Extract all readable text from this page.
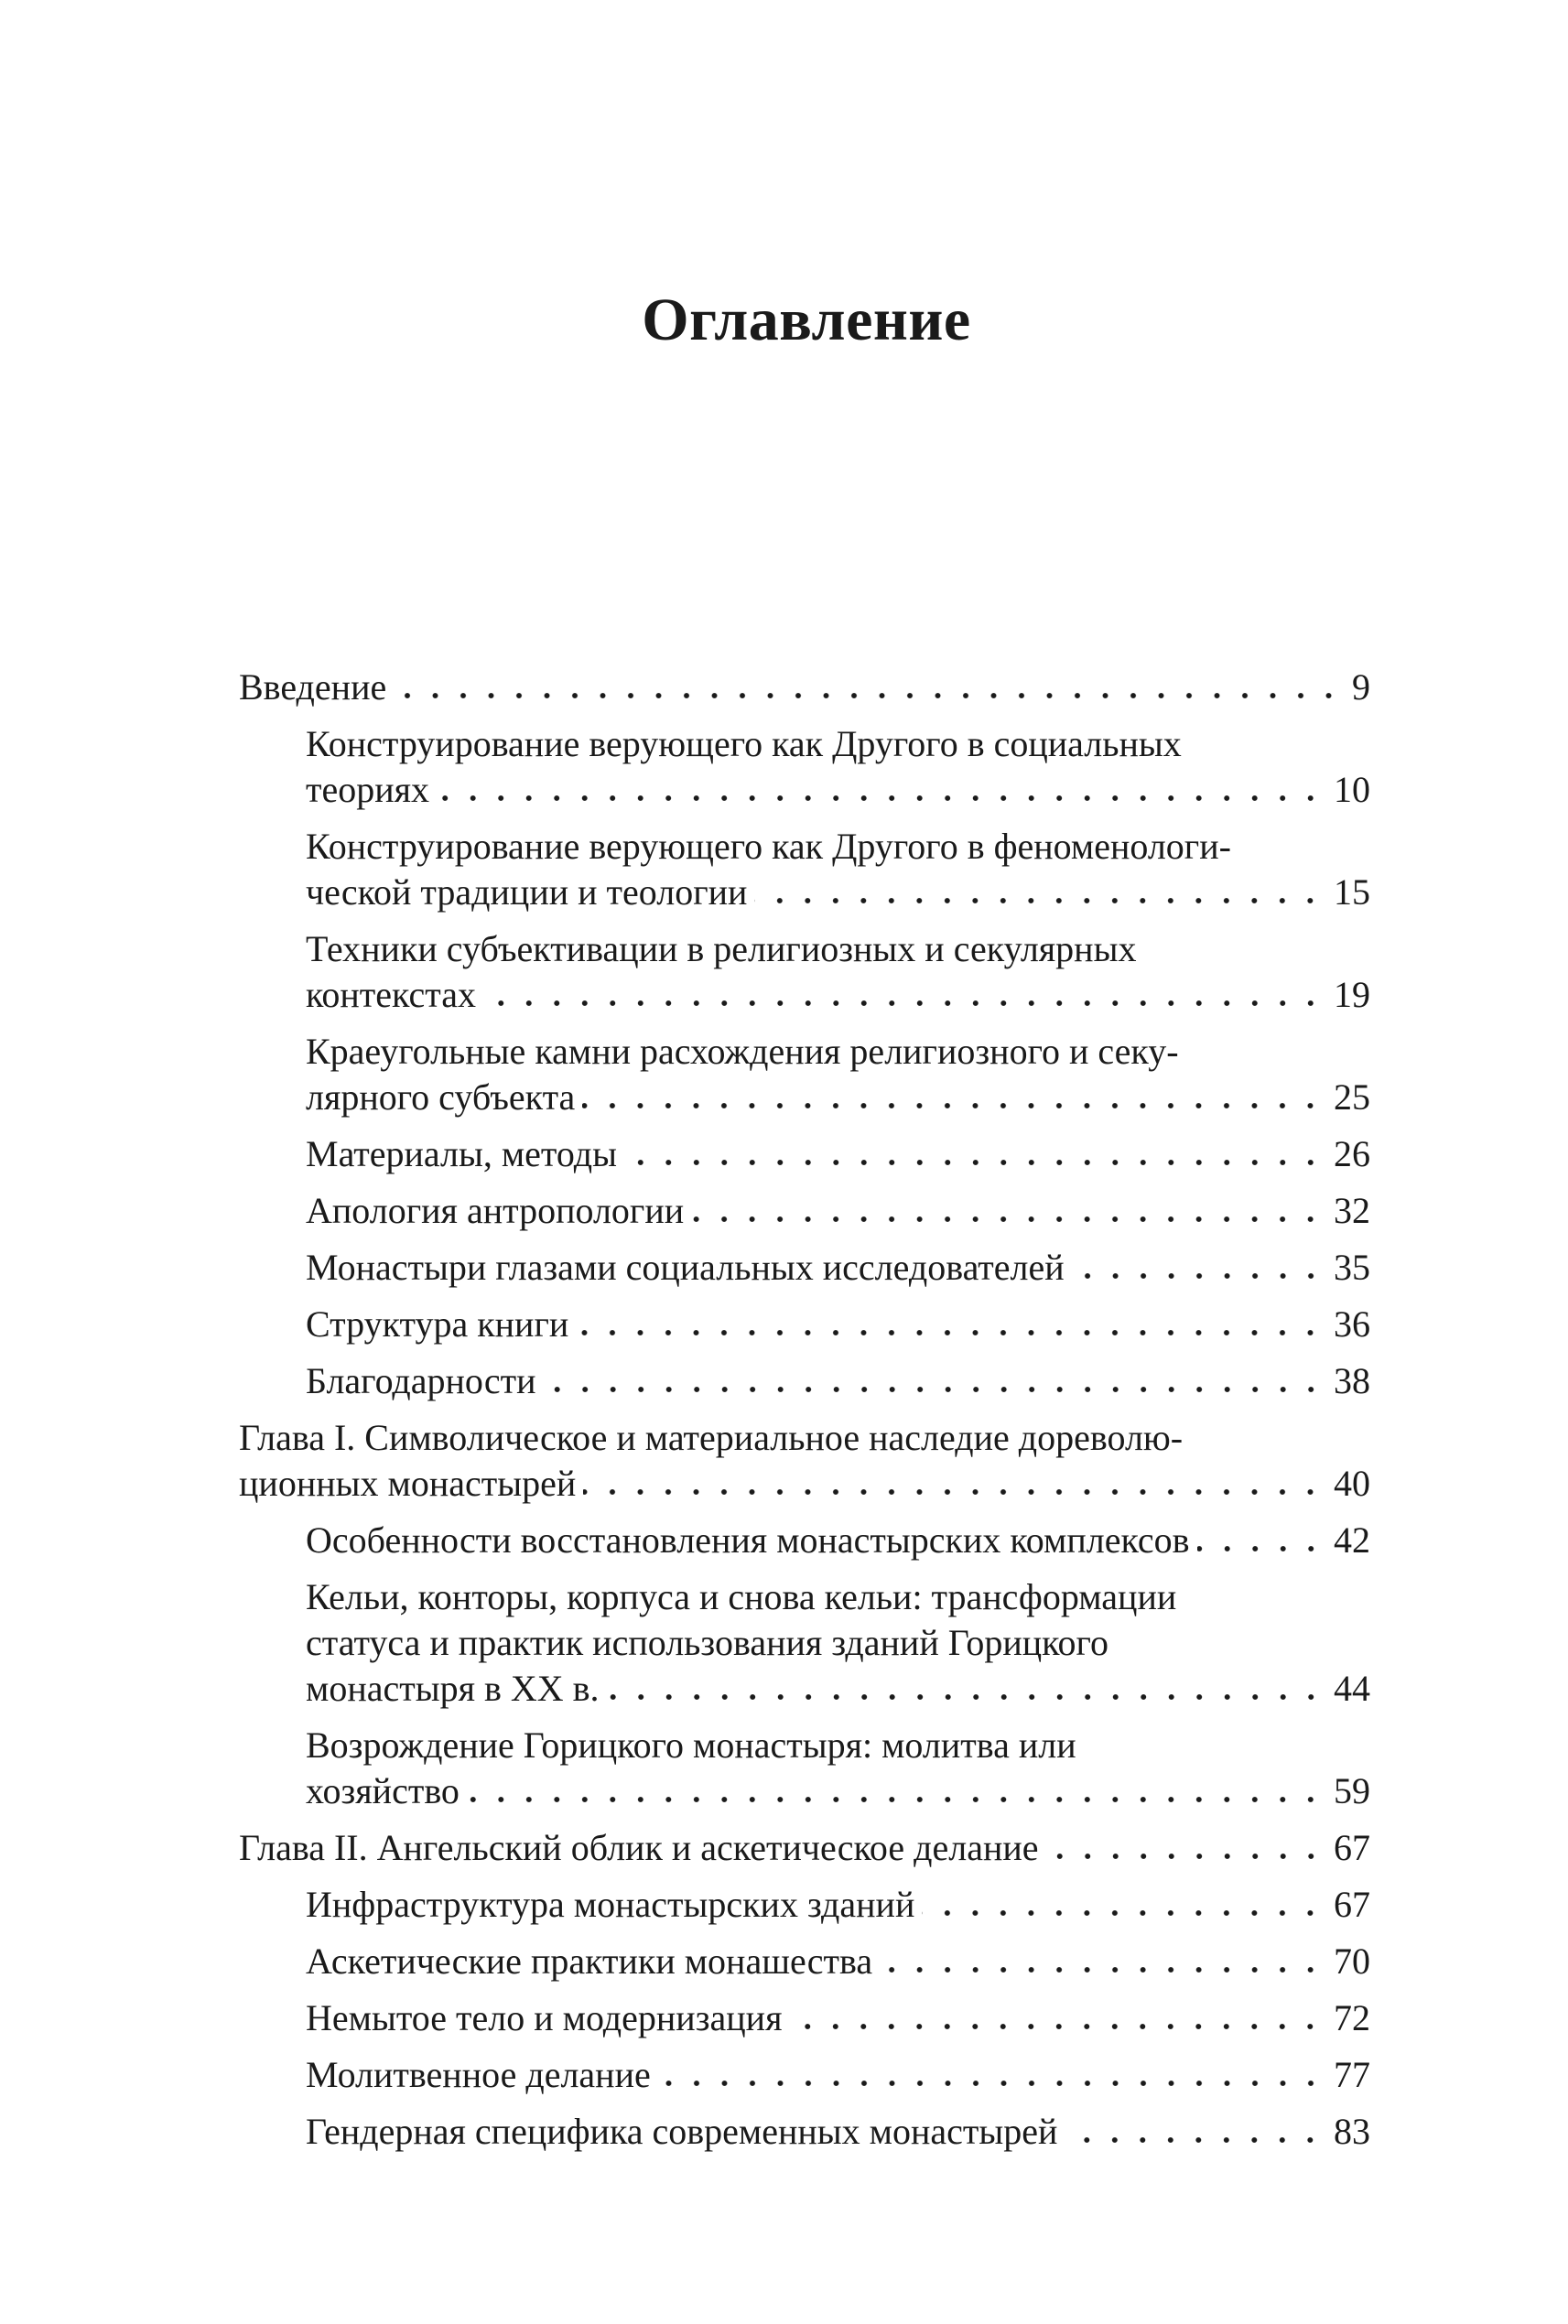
Оглавление
Введение	9
Конструирование верующего как Другого в социальных
теориях	10
Конструирование верующего как Другого в феноменологи-
ческой традиции и теологии	15
Техники субъективации в религиозных и секулярных
контекстах	19
Краеугольные камни расхождения религиозного и секу-
лярного субъекта	25
Материалы, методы	26
Апология антропологии	32
Монастыри глазами социальных исследователей	35
Структура книги	36
Благодарности	38
Глава I. Символическое и материальное наследие дореволю-
ционных монастырей	40
Особенности восстановления монастырских комплексов	42
Кельи, конторы, корпуса и снова кельи: трансформации
статуса и практик использования зданий Горицкого
монастыря в XX в.	44
Возрождение Горицкого монастыря: молитва или
хозяйство	59
Глава II. Ангельский облик и аскетическое делание	67
Инфраструктура монастырских зданий	67
Аскетические практики монашества	70
Немытое тело и модернизация	72
Молитвенное делание	77
Гендерная специфика современных монастырей	83
